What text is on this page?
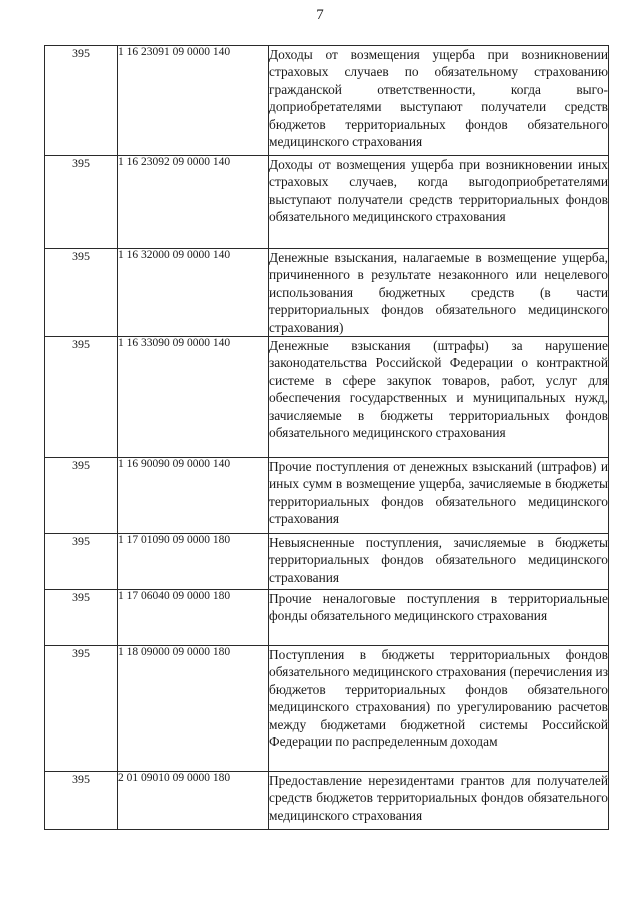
7
395	1 16 23091 09 0000 140	Доходы от возмещения ущерба при возникновении страховых случаев по обязательному страхованию гражданской ответственности, когда выгодоприобретателями выступают получатели средств бюджетов территориальных фондов обязательного медицинского страхования
395	1 16 23092 09 0000 140	Доходы от возмещения ущерба при возникновении иных страховых случаев, когда выгодоприобретателями выступают получатели средств территориальных фондов обязательного медицинского страхования
395	1 16 32000 09 0000 140	Денежные взыскания, налагаемые в возмещение ущерба, причиненного в результате незаконного или нецелевого использования бюджетных средств (в части территориальных фондов обязательного медицинского страхования)
395	1 16 33090 09 0000 140	Денежные взыскания (штрафы) за нарушение законодательства Российской Федерации о контрактной системе в сфере закупок товаров, работ, услуг для обеспечения государственных и муниципальных нужд, зачисляемые в бюджеты территориальных фондов обязательного медицинского страхования
395	1 16 90090 09 0000 140	Прочие поступления от денежных взысканий (штрафов) и иных сумм в возмещение ущерба, зачисляемые в бюджеты территориальных фондов обязательного медицинского страхования
395	1 17 01090 09 0000 180	Невыясненные поступления, зачисляемые в бюджеты территориальных фондов обязательного медицинского страхования
395	1 17 06040 09 0000 180	Прочие неналоговые поступления в территориальные фонды обязательного медицинского страхования
395	1 18 09000 09 0000 180	Поступления в бюджеты территориальных фондов обязательного медицинского страхования (перечисления из бюджетов территориальных фондов обязательного медицинского страхования) по урегулированию расчетов между бюджетами бюджетной системы Российской Федерации по распределенным доходам
395	2 01 09010 09 0000 180	Предоставление нерезидентами грантов для получателей средств бюджетов территориальных фондов обязательного медицинского страхования
